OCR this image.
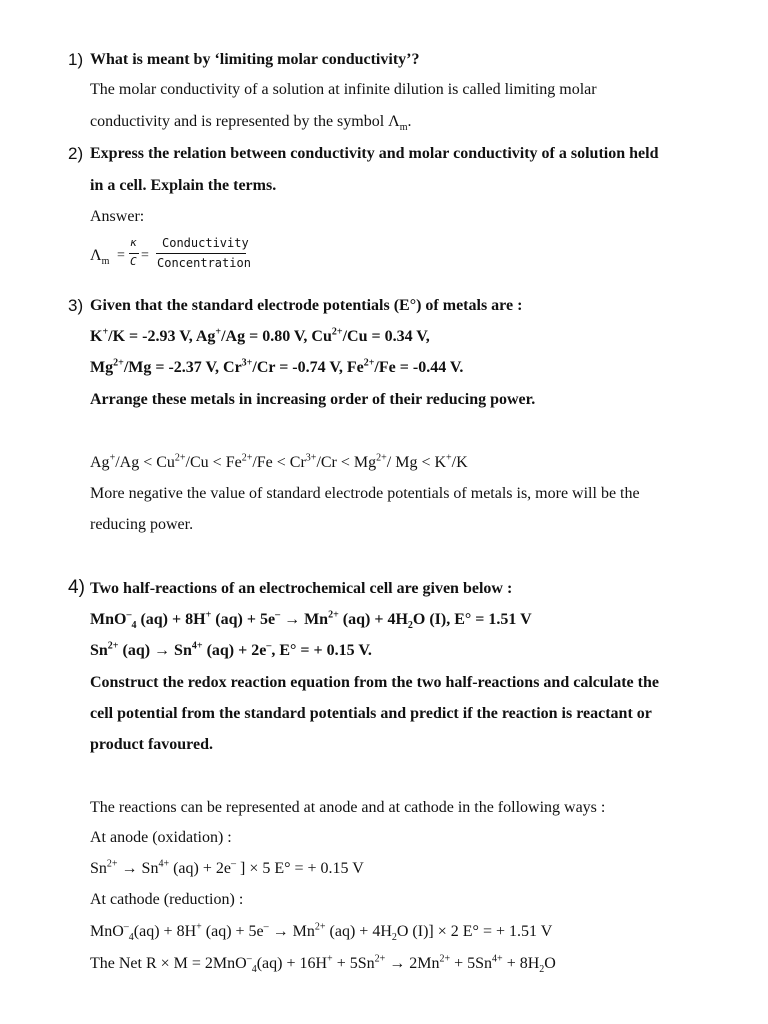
1) What is meant by ‘limiting molar conductivity’?
The molar conductivity of a solution at infinite dilution is called limiting molar
conductivity and is represented by the symbol $\Lambda_m$.
2) Express the relation between conductivity and molar conductivity of a solution held
in a cell. Explain the terms.
Answer:
$\Lambda_m$ =
κ
C =
Conductivity
Concentration
3) Given that the standard electrode potentials (E°) of metals are :
K+/K = -2.93 V, Ag+/Ag = 0.80 V, $Cu^{2+}/Cu = 0.34$ V,
$Mg^{2+}/Mg = -2.37$ V, $Cr^{3+}/Cr = -0.74$ V, $Fe^{2+}/Fe = -0.44$ V.
Arrange these metals in increasing order of their reducing power.
$Ag^+/Ag < Cu^{2+}/Cu < Fe^{2+}/Fe < Cr^{3+}/Cr < Mg^{2+}/$ Mg < K+/K
More negative the value of standard electrode potentials of metals is, more will be the
reducing power.
4) Two half-reactions of an electrochemical cell are given below :
MnO–$_4$ (aq) + 8H+ $(aq) + 5e^- \to Mn^{2+}$ $(aq) + 4H_2O$ (I), E° = 1.51 V
$Sn^{2+}$ $(aq) \to Sn^{4+}$ (aq) + 2e–, E° = + 0.15 V.
Construct the redox reaction equation from the two half-reactions and calculate the
cell potential from the standard potentials and predict if the reaction is reactant or
product favoured.
The reactions can be represented at anode and at cathode in the following ways :
At anode (oxidation) :
$Sn^{2+} \to Sn^{4+}$ (aq) + 2e– ] × 5 E° = + 0.15 V
At cathode (reduction) :
MnO–$_4$(aq) + 8H+ $(aq) + 5e^- \to Mn^{2+}$ $(aq) + 4H_2O$ (I)] × 2 E° = + 1.51 V
The Net $R \times M = 2MnO^-_4(aq) + 16H^+ + 5Sn^{2+} \to 2Mn^{2+} + 5Sn^{4+} + 8H_2O$
